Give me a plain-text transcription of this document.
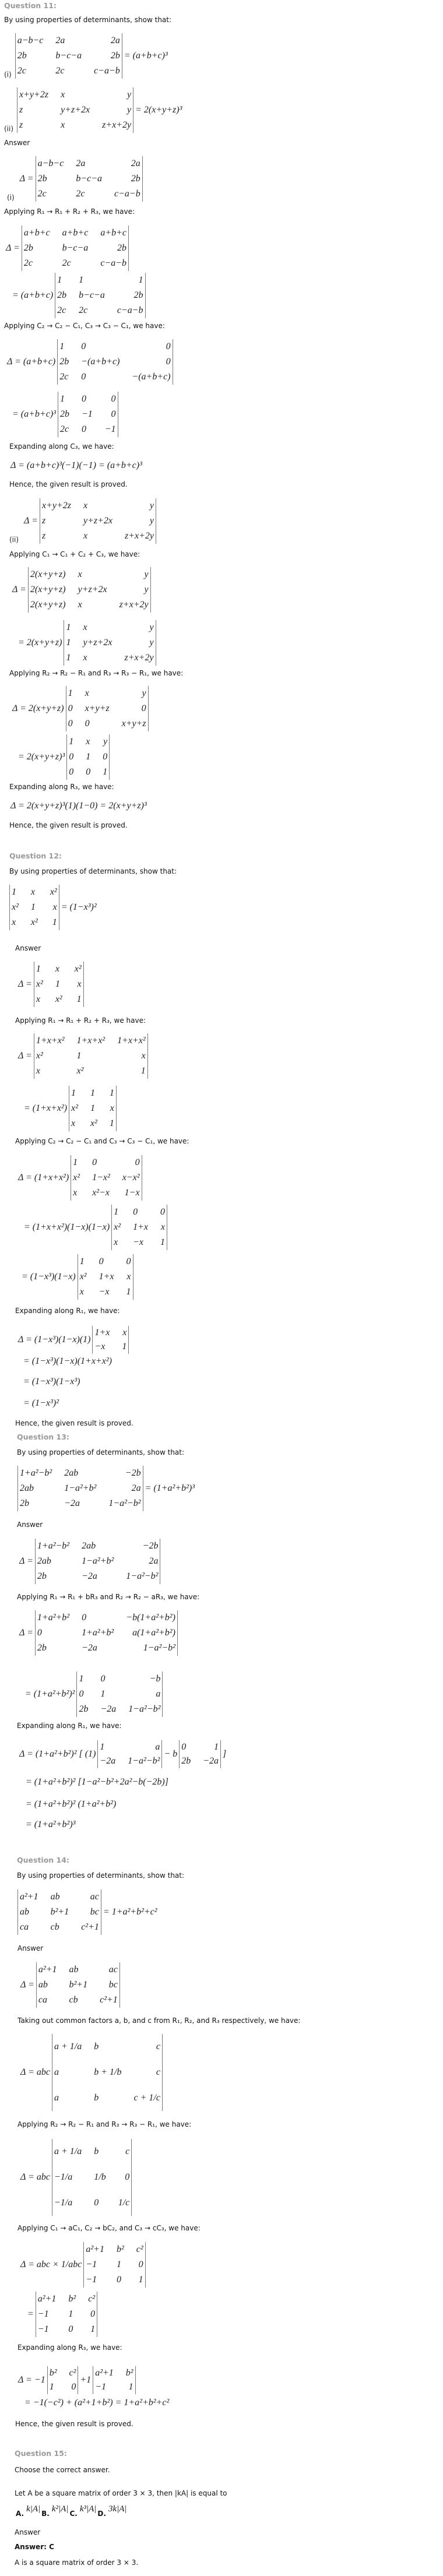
Question 11:
By using properties of determinants, show that:
(i)
a−b−c	2a	2a
2b	b−c−a	2b
2c	2c	c−a−b
= (a+b+c)³
(ii)
x+y+2z	x	y
z	y+z+2x	y
z	x	z+x+2y
= 2(x+y+z)³
Answer
(i)
Δ =
a−b−c	2a	2a
2b	b−c−a	2b
2c	2c	c−a−b
Applying R₁ → R₁ + R₂ + R₃, we have:
Δ =
a+b+c	a+b+c	a+b+c
2b	b−c−a	2b
2c	2c	c−a−b
= (a+b+c)
1	1	1
2b	b−c−a	2b
2c	2c	c−a−b
Applying C₂ → C₂ − C₁, C₃ → C₃ − C₁, we have:
Δ = (a+b+c)
1	0	0
2b	−(a+b+c)	0
2c	0	−(a+b+c)
= (a+b+c)³
1	0	0
2b	−1	0
2c	0	−1
Expanding along C₃, we have:
Δ = (a+b+c)³(−1)(−1) = (a+b+c)³
Hence, the given result is proved.
(ii)
Δ =
x+y+2z	x	y
z	y+z+2x	y
z	x	z+x+2y
Applying C₁ → C₁ + C₂ + C₃, we have:
Δ =
2(x+y+z)	x	y
2(x+y+z)	y+z+2x	y
2(x+y+z)	x	z+x+2y
= 2(x+y+z)
1	x	y
1	y+z+2x	y
1	x	z+x+2y
Applying R₂ → R₂ − R₁ and R₃ → R₃ − R₁, we have:
Δ = 2(x+y+z)
1	x	y
0	x+y+z	0
0	0	x+y+z
= 2(x+y+z)³
1	x	y
0	1	0
0	0	1
Expanding along R₃, we have:
Δ = 2(x+y+z)³(1)(1−0) = 2(x+y+z)³
Hence, the given result is proved.
Question 12:
By using properties of determinants, show that:
1	x	x²
x²	1	x
x	x²	1
= (1−x³)²
Answer
Δ =
1	x	x²
x²	1	x
x	x²	1
Applying R₁ → R₁ + R₂ + R₃, we have:
Δ =
1+x+x²	1+x+x²	1+x+x²
x²	1	x
x	x²	1
= (1+x+x²)
1	1	1
x²	1	x
x	x²	1
Applying C₂ → C₂ − C₁ and C₃ → C₃ − C₁, we have:
Δ = (1+x+x²)
1	0	0
x²	1−x²	x−x²
x	x²−x	1−x
= (1+x+x²)(1−x)(1−x)
1	0	0
x²	1+x	x
x	−x	1
= (1−x³)(1−x)
1	0	0
x²	1+x	x
x	−x	1
Expanding along R₁, we have:
Δ = (1−x³)(1−x)(1)
1+x	x
−x	1
= (1−x³)(1−x)(1+x+x²)
= (1−x³)(1−x³)
= (1−x³)²
Hence, the given result is proved.
Question 13:
By using properties of determinants, show that:
1+a²−b²	2ab	−2b
2ab	1−a²+b²	2a
2b	−2a	1−a²−b²
= (1+a²+b²)³
Answer
Δ =
1+a²−b²	2ab	−2b
2ab	1−a²+b²	2a
2b	−2a	1−a²−b²
Applying R₁ → R₁ + bR₃ and R₂ → R₂ − aR₃, we have:
Δ =
1+a²+b²	0	−b(1+a²+b²)
0	1+a²+b²	a(1+a²+b²)
2b	−2a	1−a²−b²
= (1+a²+b²)²
1	0	−b
0	1	a
2b	−2a	1−a²−b²
Expanding along R₁, we have:
Δ = (1+a²+b²)² [ (1)
1	a
−2a	1−a²−b²
− b
0	1
2b	−2a
]
= (1+a²+b²)² [1−a²−b²+2a²−b(−2b)]
= (1+a²+b²)² (1+a²+b²)
= (1+a²+b²)³
Question 14:
By using properties of determinants, show that:
a²+1	ab	ac
ab	b²+1	bc
ca	cb	c²+1
= 1+a²+b²+c²
Answer
Δ =
a²+1	ab	ac
ab	b²+1	bc
ca	cb	c²+1
Taking out common factors a, b, and c from R₁, R₂, and R₃ respectively, we have:
Δ = abc
a + 1/a	b	c
a	b + 1/b	c
a	b	c + 1/c
Applying R₂ → R₂ − R₁ and R₃ → R₃ − R₁, we have:
Δ = abc
a + 1/a	b	c
−1/a	1/b	0
−1/a	0	1/c
Applying C₁ → aC₁, C₂ → bC₂, and C₃ → cC₃, we have:
Δ = abc × 1/abc
a²+1	b²	c²
−1	1	0
−1	0	1
=
a²+1	b²	c²
−1	1	0
−1	0	1
Expanding along R₃, we have:
Δ = −1
b²	c²
1	0
+1
a²+1	b²
−1	1
= −1(−c²) + (a²+1+b²) = 1+a²+b²+c²
Hence, the given result is proved.
Question 15:
Choose the correct answer.
Let A be a square matrix of order 3 × 3, then |kA| is equal to
A. k|A| B. k²|A| C. k³|A| D. 3k|A|
Answer
Answer: C
A is a square matrix of order 3 × 3.
